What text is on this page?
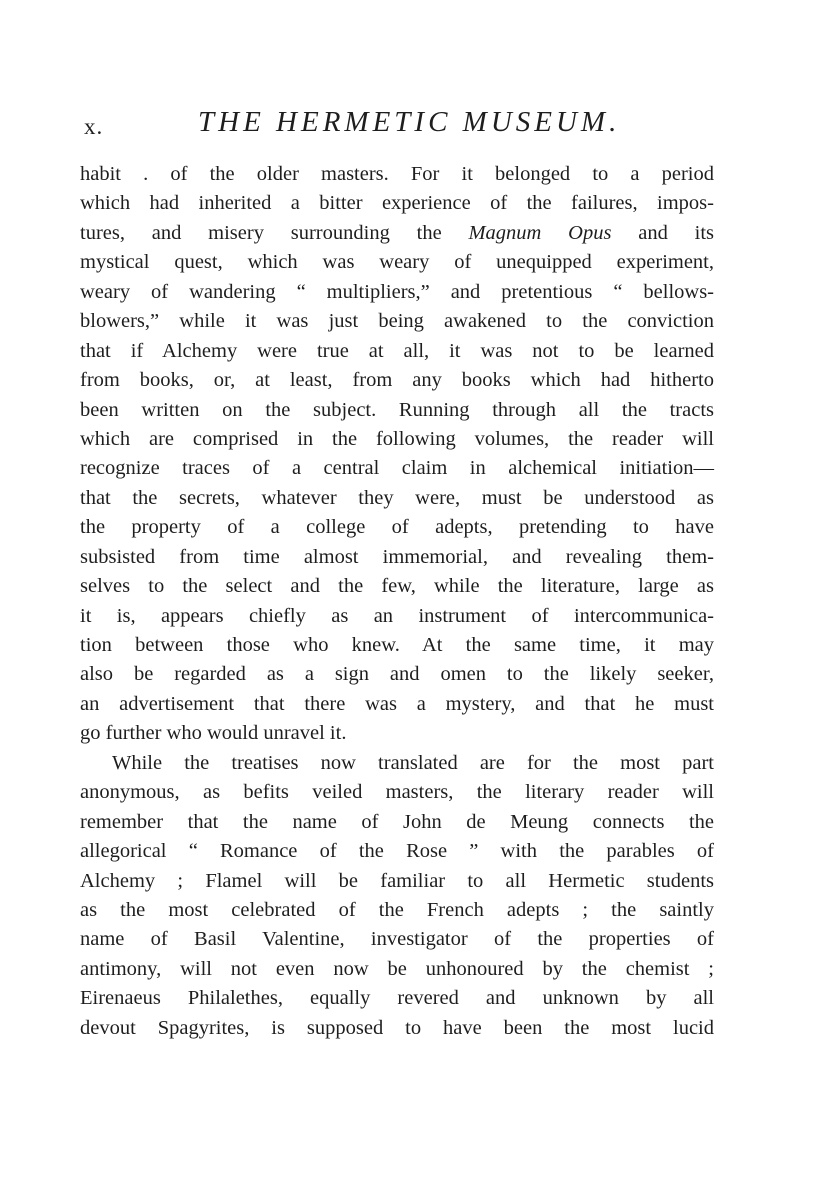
x.	THE HERMETIC MUSEUM.
habit . of the older masters. For it belonged to a period
which had inherited a bitter experience of the failures, impos-
tures, and misery surrounding the Magnum Opus and its
mystical quest, which was weary of unequipped experiment,
weary of wandering “ multipliers,” and pretentious “ bellows-
blowers,” while it was just being awakened to the conviction
that if Alchemy were true at all, it was not to be learned
from books, or, at least, from any books which had hitherto
been written on the subject. Running through all the tracts
which are comprised in the following volumes, the reader will
recognize traces of a central claim in alchemical initiation—
that the secrets, whatever they were, must be understood as
the property of a college of adepts, pretending to have
subsisted from time almost immemorial, and revealing them-
selves to the select and the few, while the literature, large as
it is, appears chiefly as an instrument of intercommunica-
tion between those who knew. At the same time, it may
also be regarded as a sign and omen to the likely seeker,
an advertisement that there was a mystery, and that he must
go further who would unravel it.
While the treatises now translated are for the most part
anonymous, as befits veiled masters, the literary reader will
remember that the name of John de Meung connects the
allegorical “ Romance of the Rose ” with the parables of
Alchemy ; Flamel will be familiar to all Hermetic students
as the most celebrated of the French adepts ; the saintly
name of Basil Valentine, investigator of the properties of
antimony, will not even now be unhonoured by the chemist ;
Eirenaeus Philalethes, equally revered and unknown by all
devout Spagyrites, is supposed to have been the most lucid
